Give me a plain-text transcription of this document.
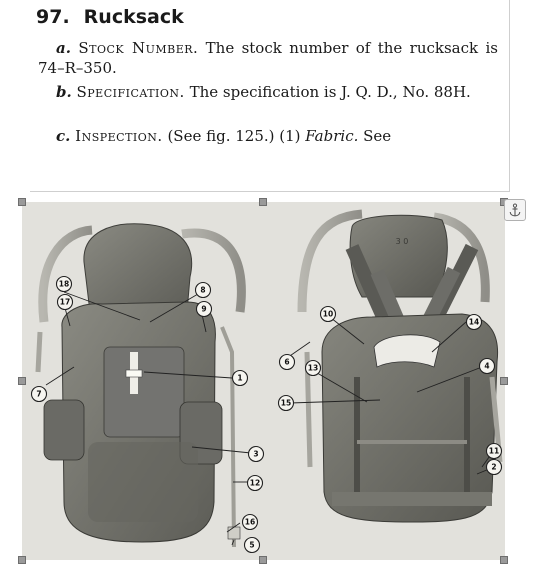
97. Rucksack

a. Stock Number. The stock number of the rucksack is 74–R–350.

b. Specification. The specification is J. Q. D., No. 88H.

c. Inspection. (See fig. 125.) (1) Fabric. See

18
8
17
9
7
1
3
12
16
5
10
14
6
13	4
15
11
2
3 0
